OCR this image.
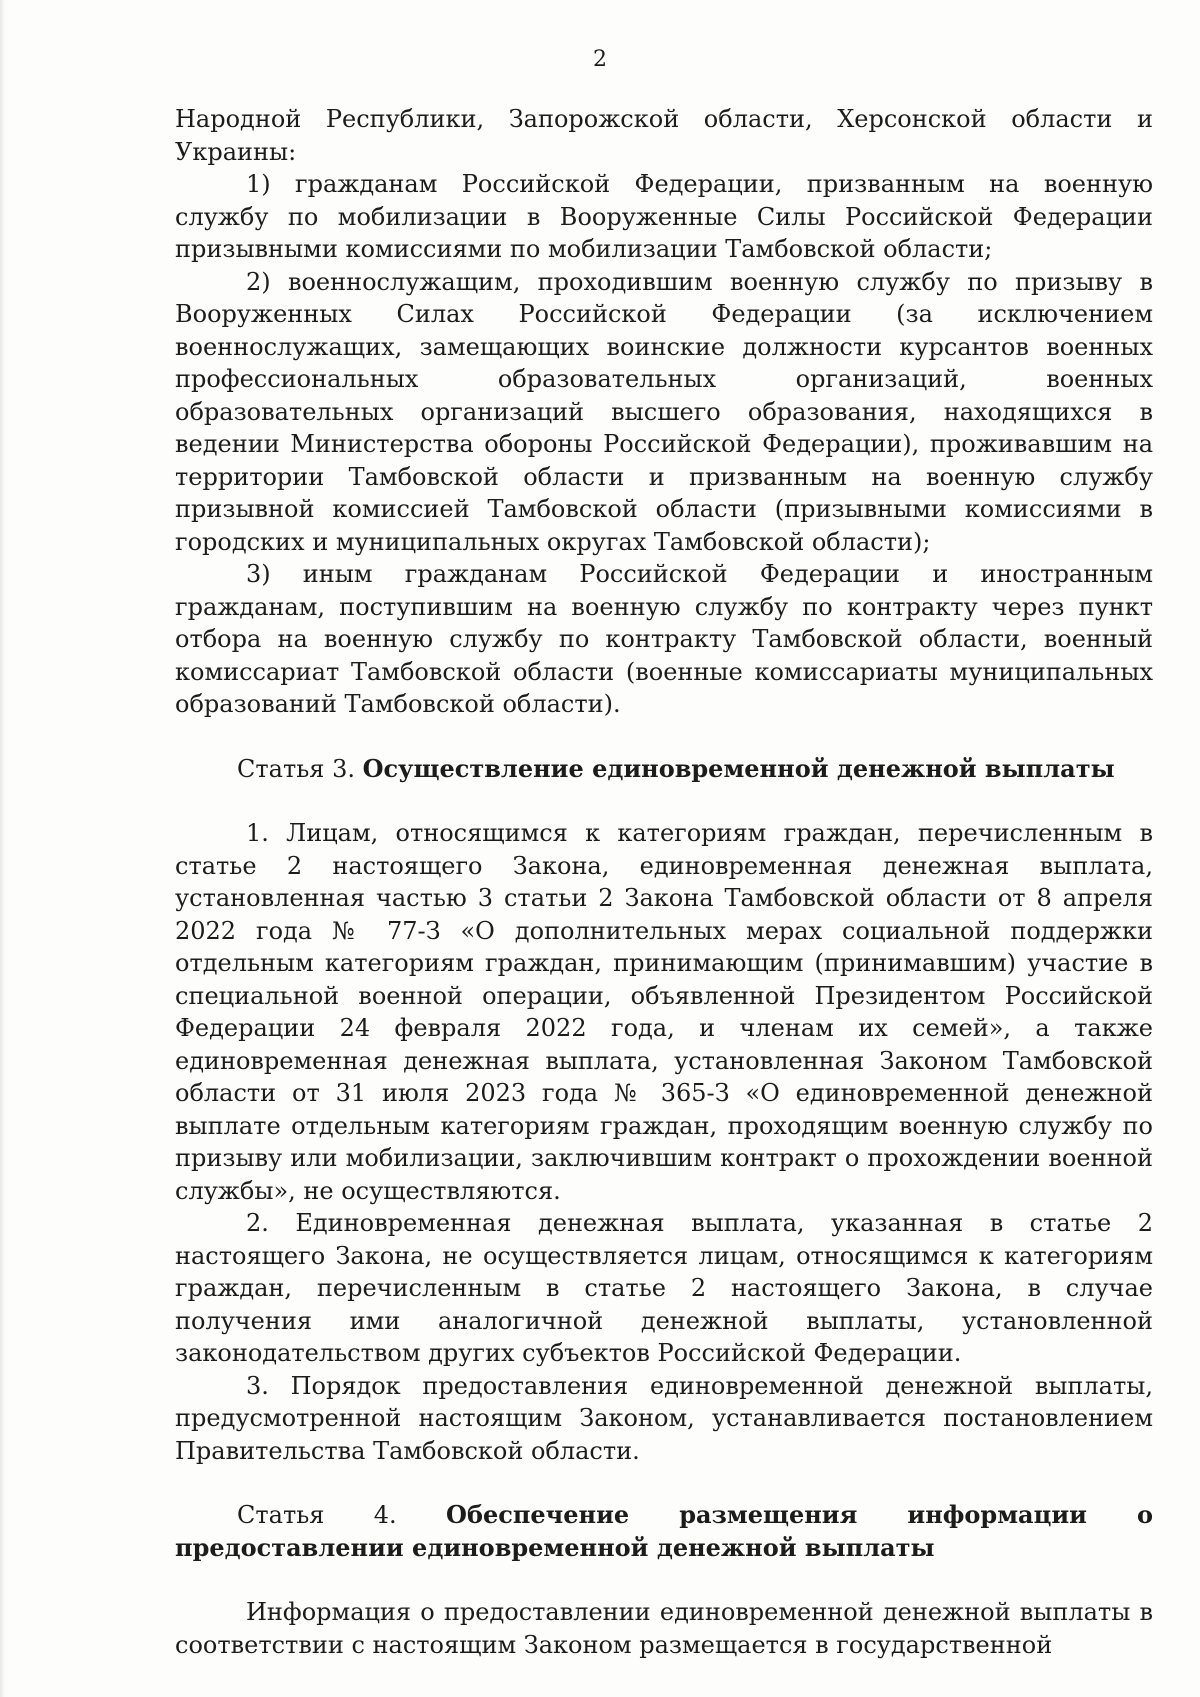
2

Народной Республики, Запорожской области, Херсонской области и Украины:

1) гражданам Российской Федерации, призванным на военную службу по мобилизации в Вооруженные Силы Российской Федерации призывными комиссиями по мобилизации Тамбовской области;

2) военнослужащим, проходившим военную службу по призыву в Вооруженных Силах Российской Федерации (за исключением военнослужащих, замещающих воинские должности курсантов военных профессиональных образовательных организаций, военных образовательных организаций высшего образования, находящихся в ведении Министерства обороны Российской Федерации), проживавшим на территории Тамбовской области и призванным на военную службу призывной комиссией Тамбовской области (призывными комиссиями в городских и муниципальных округах Тамбовской области);

3) иным гражданам Российской Федерации и иностранным гражданам, поступившим на военную службу по контракту через пункт отбора на военную службу по контракту Тамбовской области, военный комиссариат Тамбовской области (военные комиссариаты муниципальных образований Тамбовской области).

Статья 3. Осуществление единовременной денежной выплаты

1. Лицам, относящимся к категориям граждан, перечисленным в статье 2 настоящего Закона, единовременная денежная выплата, установленная частью 3 статьи 2 Закона Тамбовской области от 8 апреля 2022 года № 77-З «О дополнительных мерах социальной поддержки отдельным категориям граждан, принимающим (принимавшим) участие в специальной военной операции, объявленной Президентом Российской Федерации 24 февраля 2022 года, и членам их семей», а также единовременная денежная выплата, установленная Законом Тамбовской области от 31 июля 2023 года № 365-З «О единовременной денежной выплате отдельным категориям граждан, проходящим военную службу по призыву или мобилизации, заключившим контракт о прохождении военной службы», не осуществляются.

2. Единовременная денежная выплата, указанная в статье 2 настоящего Закона, не осуществляется лицам, относящимся к категориям граждан, перечисленным в статье 2 настоящего Закона, в случае получения ими аналогичной денежной выплаты, установленной законодательством других субъектов Российской Федерации.

3. Порядок предоставления единовременной денежной выплаты, предусмотренной настоящим Законом, устанавливается постановлением Правительства Тамбовской области.

Статья 4. Обеспечение размещения информации о предоставлении единовременной денежной выплаты

Информация о предоставлении единовременной денежной выплаты в соответствии с настоящим Законом размещается в государственной
